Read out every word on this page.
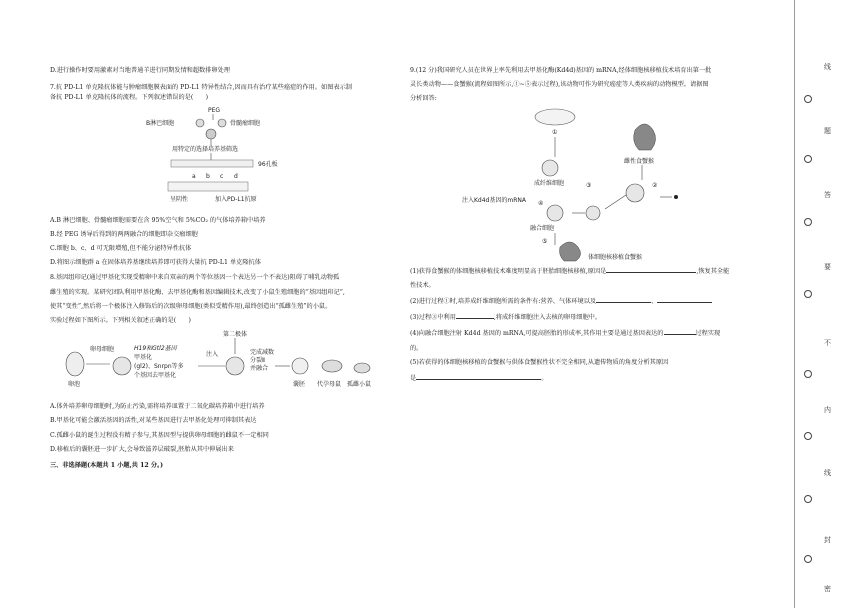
D.进行操作时要用激素对当地普通羊进行同期发情和超数排卵处理

7.抗 PD-L1 单克隆抗体能与肿瘤细胞膜表面的 PD-L1 特异性结合,因而具有治疗某些癌症的作用。如图表示制

备抗 PD-L1 单克隆抗体的流程。下列叙述错误的是(　　)

PEG
B淋巴细胞	骨髓瘤细胞
用特定的选择培养基筛选
96孔板
a b c d
呈阴性	加入PD-L1抗原

A.B 淋巴细胞、骨髓瘤细胞需要在含 95%空气和 5%CO₂ 的气体培养箱中培养

B.经 PEG 诱导后得到的两两融合的细胞即杂交瘤细胞

C.细胞 b、c、d 可无限增殖,但不能分泌特异性抗体

D.将图示细胞群 a 在固体培养基继续培养即可获得大量抗 PD-L1 单克隆抗体

8.基因组印记(通过甲基化实现受精卵中来自双亲的两个等位基因一个表达另一个不表达)阻碍了哺乳动物孤

雌生殖的实现。某研究团队利用甲基化酶、去甲基化酶和基因编辑技术,改变了小鼠生殖细胞的“基因组印记”,

使其“变性”,然后将一个极体注入修饰后的次级卵母细胞(类似受精作用),最终创造出“孤雌生殖”的小鼠。

实验过程如下图所示。下列相关叙述正确的是(　　)

第二极体
卵泡
卵母细胞	H19和Gtl2基因
甲基化
(gl2)、Snrpn等多
个基因去甲基化
注入	完成减数
分裂Ⅱ
并融合
囊胚 代孕母鼠 孤雌小鼠

A.体外培养卵母细胞时,为防止污染,需将培养皿置于二氧化碳培养箱中进行培养

B.甲基化可能会激活基因的活性,对某些基因进行去甲基化处理可抑制其表达

C.孤雌小鼠的诞生过程没有精子参与,其基因型与提供卵母细胞的雌鼠不一定相同

D.移植后的囊胚进一步扩大,会导致滋养层破裂,胚胎从其中伸展出来

三、非选择题(本题共 1 小题,共 12 分。)

9.(12 分)我国研究人员在世界上率先利用去甲基化酶(Kd4d)基因的 mRNA,经体细胞核移植技术培育出第一批

灵长类动物——食蟹猴(流程如图所示,①~⑤表示过程),该动物可作为研究癌症等人类疾病的动物模型。请据图

分析回答:

①
成纤维细胞
雌性食蟹猴
②
③
注入Kd4d基因的mRNA ④
融合细胞
⑤
体细胞核移植食蟹猴

(1)获得食蟹猴的体细胞核移植技术难度明显高于胚胎细胞核移植,原因是	,恢复其全能

性技术。

(2)进行过程①时,培养成纤维细胞所需的条件有:营养、气体环境以及	、

(3)过程③中利用	,将成纤维细胞注入去核的卵母细胞中。

(4)向融合细胞注射 Kd4d 基因的 mRNA,可提高胚胎的形成率,其作用主要是通过基因表达的	过程实现

的。

(5)若获得的体细胞核移植的食蟹猴与供体食蟹猴性状不完全相同,从遗传物质的角度分析其原因

是	。

线
题
答
要
不
内
线
封
密
